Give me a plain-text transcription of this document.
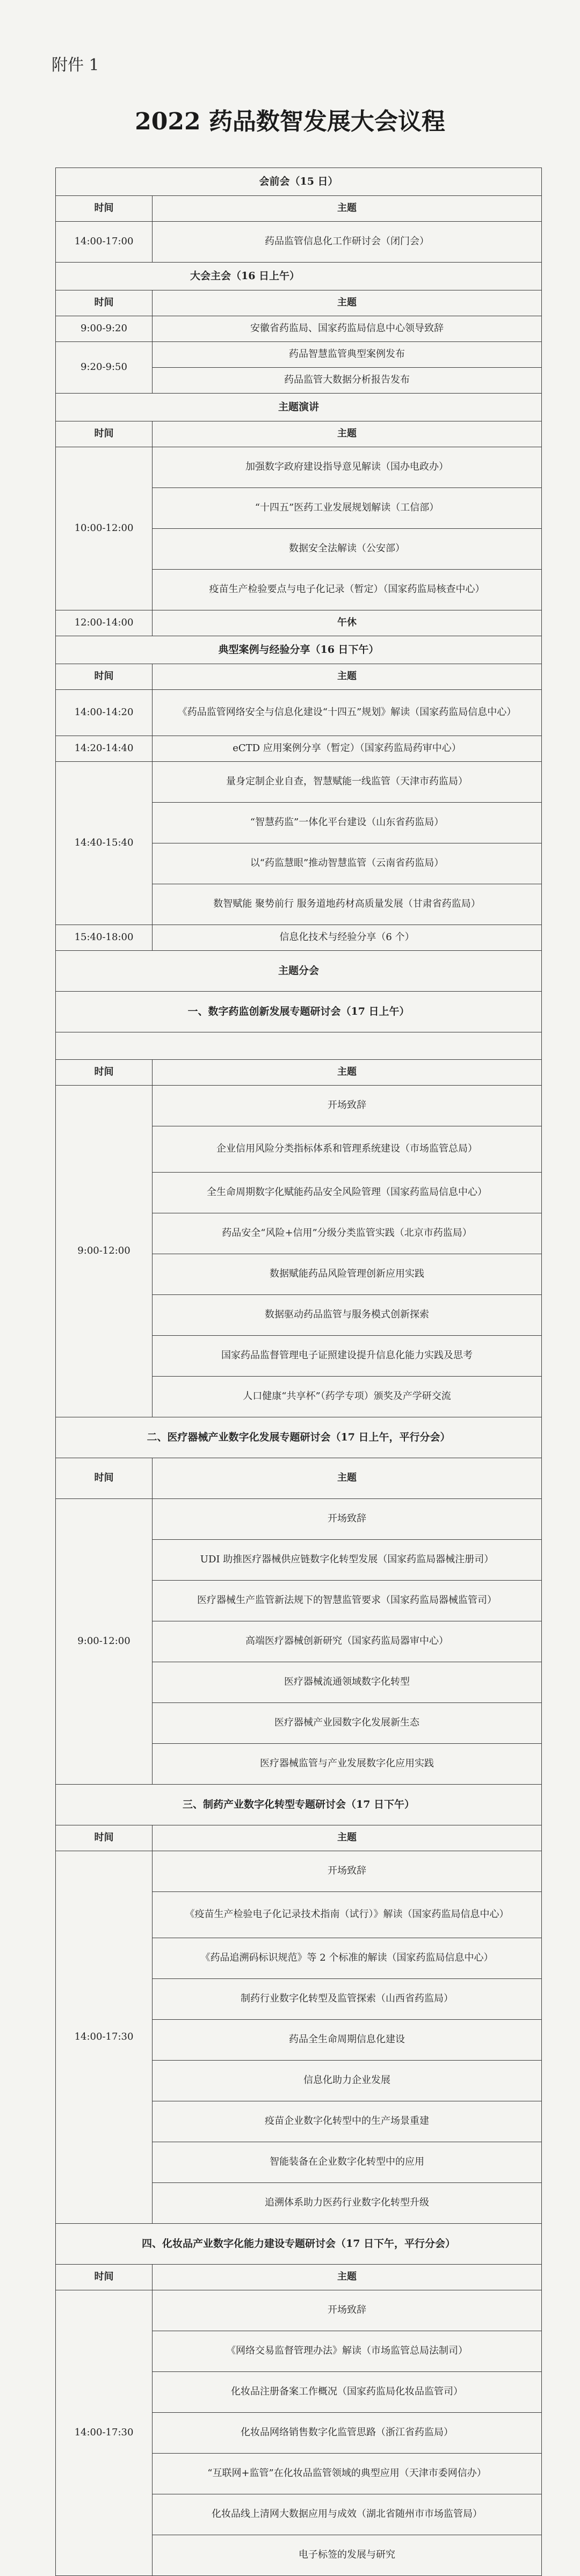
附件 1
2022 药品数智发展大会议程
会前会（15 日）	
时间	主题
14:00-17:00	药品监管信息化工作研讨会（闭门会）
大会主会（16 日上午）	
时间	主题
9:00-9:20	安徽省药监局、国家药监局信息中心领导致辞
9:20-9:50	药品智慧监管典型案例发布
	药品监管大数据分析报告发布
主题演讲	
时间	主题
10:00-12:00	加强数字政府建设指导意见解读（国办电政办）
	“十四五”医药工业发展规划解读（工信部）
	数据安全法解读（公安部）
	疫苗生产检验要点与电子化记录（暂定）（国家药监局核查中心）
12:00-14:00	午休
典型案例与经验分享（16 日下午）	
时间	主题
14:00-14:20	《药品监管网络安全与信息化建设“十四五”规划》解读（国家药监局信息中心）
14:20-14:40	eCTD 应用案例分享（暂定）（国家药监局药审中心）
14:40-15:40	量身定制企业自查，智慧赋能一线监管（天津市药监局）
	“智慧药监”一体化平台建设（山东省药监局）
	以“药监慧眼”推动智慧监管（云南省药监局）
	数智赋能 聚势前行 服务道地药材高质量发展（甘肃省药监局）
15:40-18:00	信息化技术与经验分享（6 个）
主题分会	
一、数字药监创新发展专题研讨会（17 日上午）	

时间	主题
9:00-12:00	开场致辞
	企业信用风险分类指标体系和管理系统建设（市场监管总局）
	全生命周期数字化赋能药品安全风险管理（国家药监局信息中心）
	药品安全“风险+信用”分级分类监管实践（北京市药监局）
	数据赋能药品风险管理创新应用实践
	数据驱动药品监管与服务模式创新探索
	国家药品监督管理电子证照建设提升信息化能力实践及思考
	人口健康“共享杯”（药学专项）颁奖及产学研交流
二、医疗器械产业数字化发展专题研讨会（17 日上午，平行分会）	
时间	主题
9:00-12:00	开场致辞
	UDI 助推医疗器械供应链数字化转型发展（国家药监局器械注册司）
	医疗器械生产监管新法规下的智慧监管要求（国家药监局器械监管司）
	高端医疗器械创新研究（国家药监局器审中心）
	医疗器械流通领域数字化转型
	医疗器械产业园数字化发展新生态
	医疗器械监管与产业发展数字化应用实践
三、制药产业数字化转型专题研讨会（17 日下午）	
时间	主题
14:00-17:30	开场致辞
	《疫苗生产检验电子化记录技术指南（试行）》解读（国家药监局信息中心）
	《药品追溯码标识规范》等 2 个标准的解读（国家药监局信息中心）
	制药行业数字化转型及监管探索（山西省药监局）
	药品全生命周期信息化建设
	信息化助力企业发展
	疫苗企业数字化转型中的生产场景重建
	智能装备在企业数字化转型中的应用
	追溯体系助力医药行业数字化转型升级
四、化妆品产业数字化能力建设专题研讨会（17 日下午，平行分会）	
时间	主题
14:00-17:30	开场致辞
	《网络交易监督管理办法》解读（市场监管总局法制司）
	化妆品注册备案工作概况（国家药监局化妆品监管司）
	化妆品网络销售数字化监管思路（浙江省药监局）
	“互联网+监管”在化妆品监管领域的典型应用（天津市委网信办）
	化妆品线上清网大数据应用与成效（湖北省随州市市场监管局）
	电子标签的发展与研究
